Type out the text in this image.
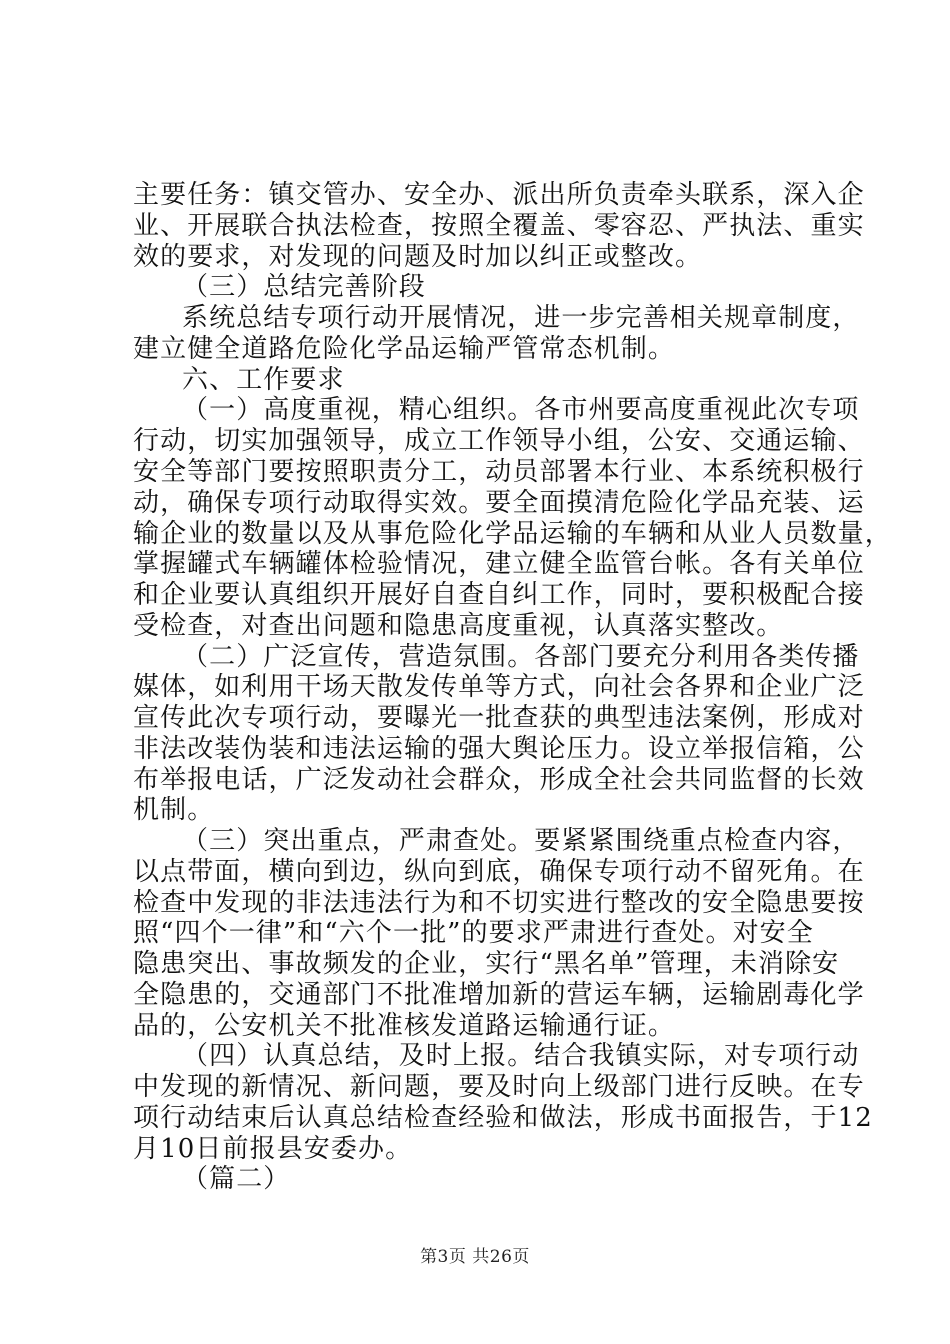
主要任务：镇交管办、安全办、派出所负责牵头联系，深入企
业、开展联合执法检查，按照全覆盖、零容忍、严执法、重实
效的要求，对发现的问题及时加以纠正或整改。
（三）总结完善阶段
系统总结专项行动开展情况，进一步完善相关规章制度，
建立健全道路危险化学品运输严管常态机制。
六、工作要求
（一）高度重视，精心组织。各市州要高度重视此次专项
行动，切实加强领导，成立工作领导小组，公安、交通运输、
安全等部门要按照职责分工，动员部署本行业、本系统积极行
动，确保专项行动取得实效。要全面摸清危险化学品充装、运
输企业的数量以及从事危险化学品运输的车辆和从业人员数量，
掌握罐式车辆罐体检验情况，建立健全监管台帐。各有关单位
和企业要认真组织开展好自查自纠工作，同时，要积极配合接
受检查，对查出问题和隐患高度重视，认真落实整改。
（二）广泛宣传，营造氛围。各部门要充分利用各类传播
媒体，如利用干场天散发传单等方式，向社会各界和企业广泛
宣传此次专项行动，要曝光一批查获的典型违法案例，形成对
非法改装伪装和违法运输的强大舆论压力。设立举报信箱，公
布举报电话，广泛发动社会群众，形成全社会共同监督的长效
机制。
（三）突出重点，严肃查处。要紧紧围绕重点检查内容，
以点带面，横向到边，纵向到底，确保专项行动不留死角。在
检查中发现的非法违法行为和不切实进行整改的安全隐患要按
照“四个一律”和“六个一批”的要求严肃进行查处。对安全
隐患突出、事故频发的企业，实行“黑名单”管理，未消除安
全隐患的，交通部门不批准增加新的营运车辆，运输剧毒化学
品的，公安机关不批准核发道路运输通行证。
（四）认真总结，及时上报。结合我镇实际，对专项行动
中发现的新情况、新问题，要及时向上级部门进行反映。在专
项行动结束后认真总结检查经验和做法，形成书面报告，于12
月10日前报县安委办。
（篇二）
第3页 共26页
